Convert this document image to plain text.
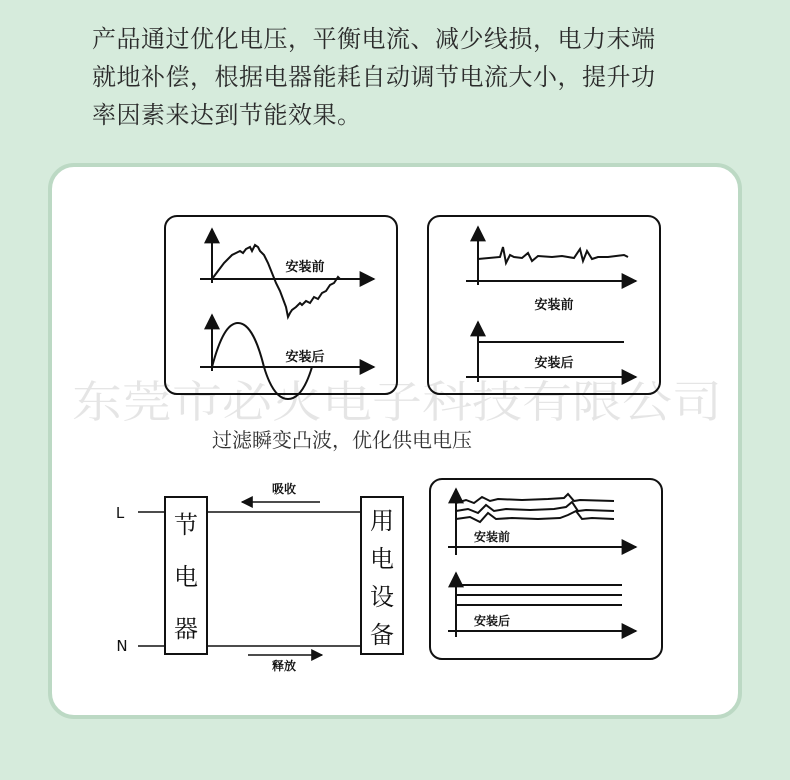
产品通过优化电压，平衡电流、减少线损，电力末端
就地补偿，根据电器能耗自动调节电流大小，提升功
率因素来达到节能效果。
安装前
安装后
安装前
安装后
东莞市必火电子科技有限公司
过滤瞬变凸波，优化供电电压
L
N
节
电
器
用
电
设
备
吸收
释放
安装前
安装后
